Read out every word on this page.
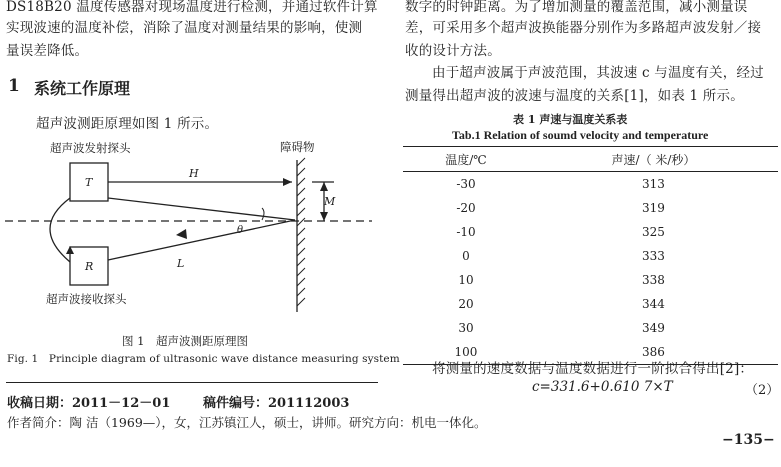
DS18B20 温度传感器对现场温度进行检测，并通过软件计算
实现波速的温度补偿，消除了温度对测量结果的影响，使测
量误差降低。
1 系统工作原理
超声波测距原理如图 1 所示。
超声波发射探头	障碍物
超声波接收探头
T
R
H
M
L
θ
图 1　超声波测距原理图
Fig. 1　Principle diagram of ultrasonic wave distance measuring system
收稿日期：2011－12－01	稿件编号：201112003
作者简介：陶 洁（1969—），女，江苏镇江人，硕士，讲师。研究方向：机电一体化。
数字的时钟距离。为了增加测量的覆盖范围，减小测量误
差，可采用多个超声波换能器分别作为多路超声波发射／接
收的设计方法。
由于超声波属于声波范围，其波速 c 与温度有关，经过
测量得出超声波的波速与温度的关系[1]，如表 1 所示。
表 1 声速与温度关系表
Tab.1 Relation of soumd velocity and temperature
温度/℃	声速/（ 米/秒）
-30	313
-20	319
-10	325
0	333
10	338
20	344
30	349
100	386
将测量的速度数据与温度数据进行一阶拟合得出[2]：
c=331.6+0.610 7×T	（2）
−135−
